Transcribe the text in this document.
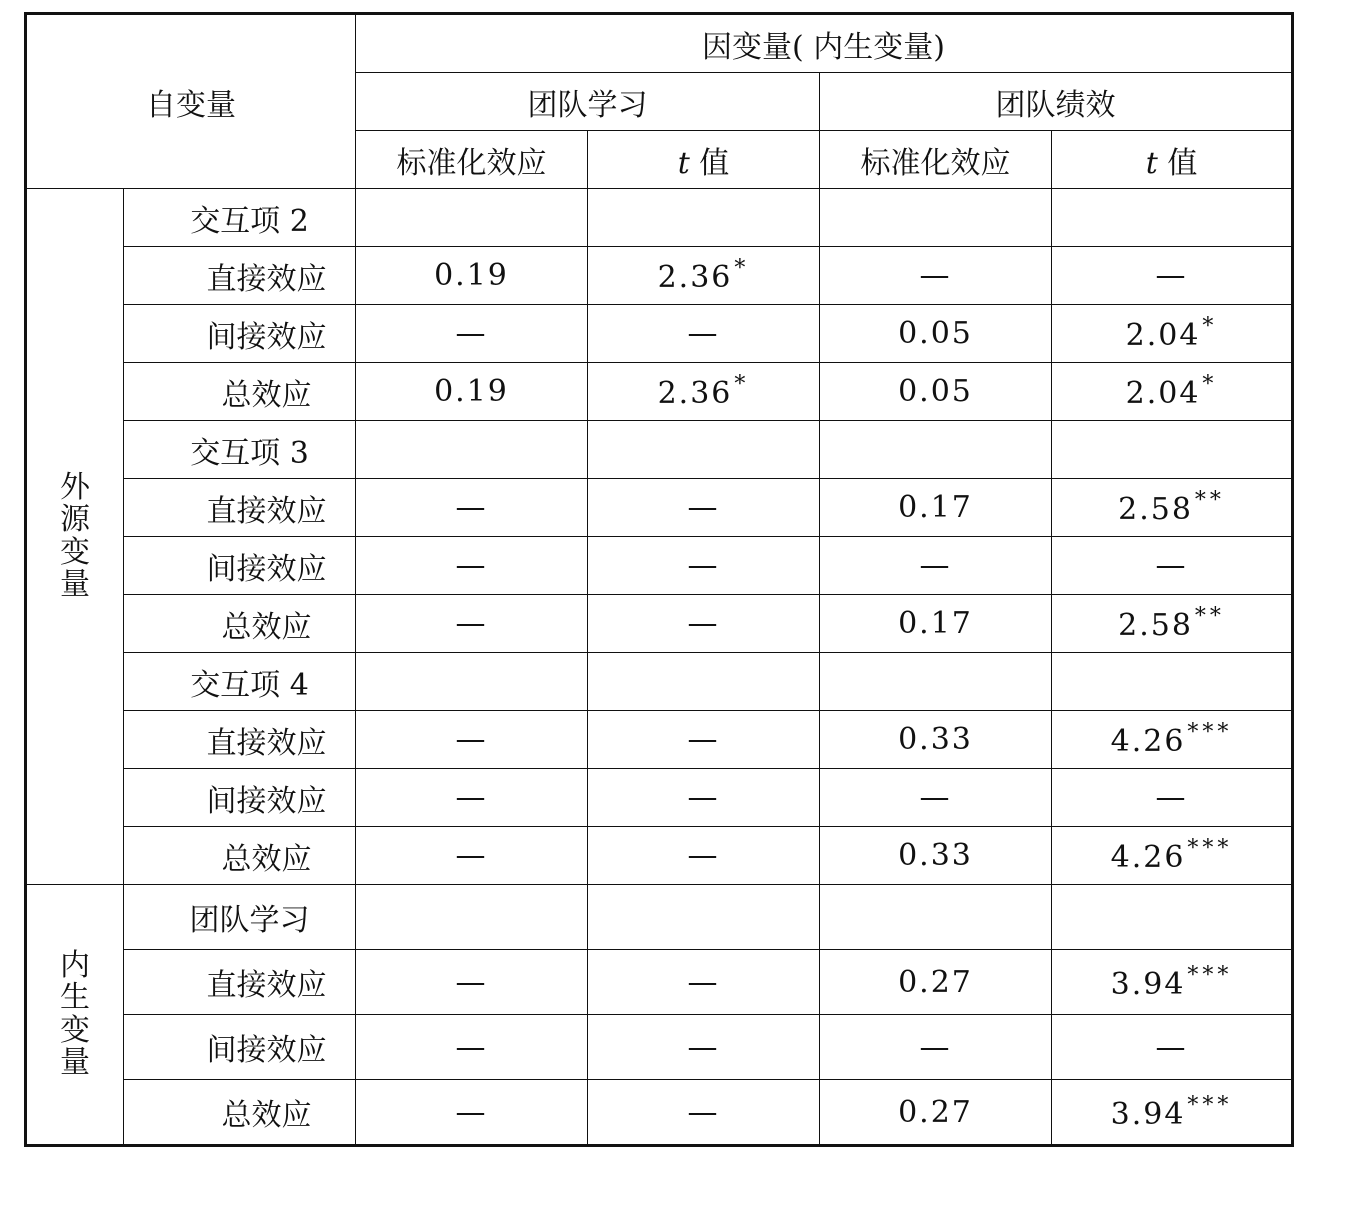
自变量		因变量( 内生变量)			
		团队学习		团队绩效	
		标准化效应	t 值	标准化效应	t 值

外
源
变
量	交互项 2				
	直接效应	0.19	2.36*	—	—
	间接效应	—	—	0.05	2.04*
	总效应	0.19	2.36*	0.05	2.04*
	交互项 3				
	直接效应	—	—	0.17	2.58**
	间接效应	—	—	—	—
	总效应	—	—	0.17	2.58**
	交互项 4				
	直接效应	—	—	0.33	4.26***
	间接效应	—	—	—	—
	总效应	—	—	0.33	4.26***

内
生
变
量	团队学习				
	直接效应	—	—	0.27	3.94***
	间接效应	—	—	—	—
	总效应	—	—	0.27	3.94***
